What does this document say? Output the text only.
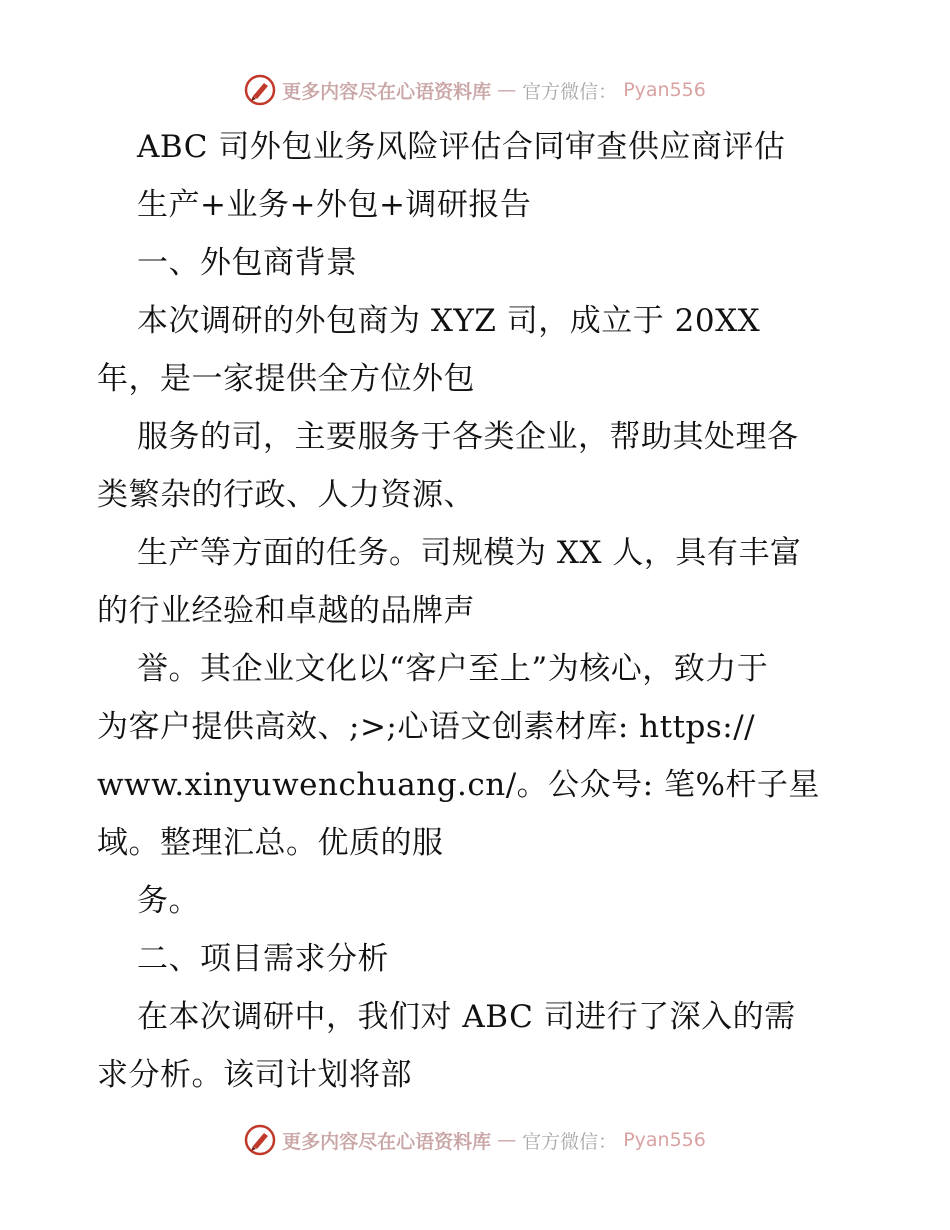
更多内容尽在心语资料库 — 官方微信： Pyan556
ABC 司外包业务风险评估合同审查供应商评估
生产+业务+外包+调研报告
一、外包商背景
本次调研的外包商为 XYZ 司，成立于 20XX
年，是一家提供全方位外包
服务的司，主要服务于各类企业，帮助其处理各
类繁杂的行政、人力资源、
生产等方面的任务。司规模为 XX 人，具有丰富
的行业经验和卓越的品牌声
誉。其企业文化以“客户至上”为核心，致力于
为客户提供高效、;>;心语文创素材库: https://
www.xinyuwenchuang.cn/。公众号: 笔%杆子星
域。整理汇总。优质的服
务。
二、项目需求分析
在本次调研中，我们对 ABC 司进行了深入的需
求分析。该司计划将部
更多内容尽在心语资料库 — 官方微信： Pyan556
